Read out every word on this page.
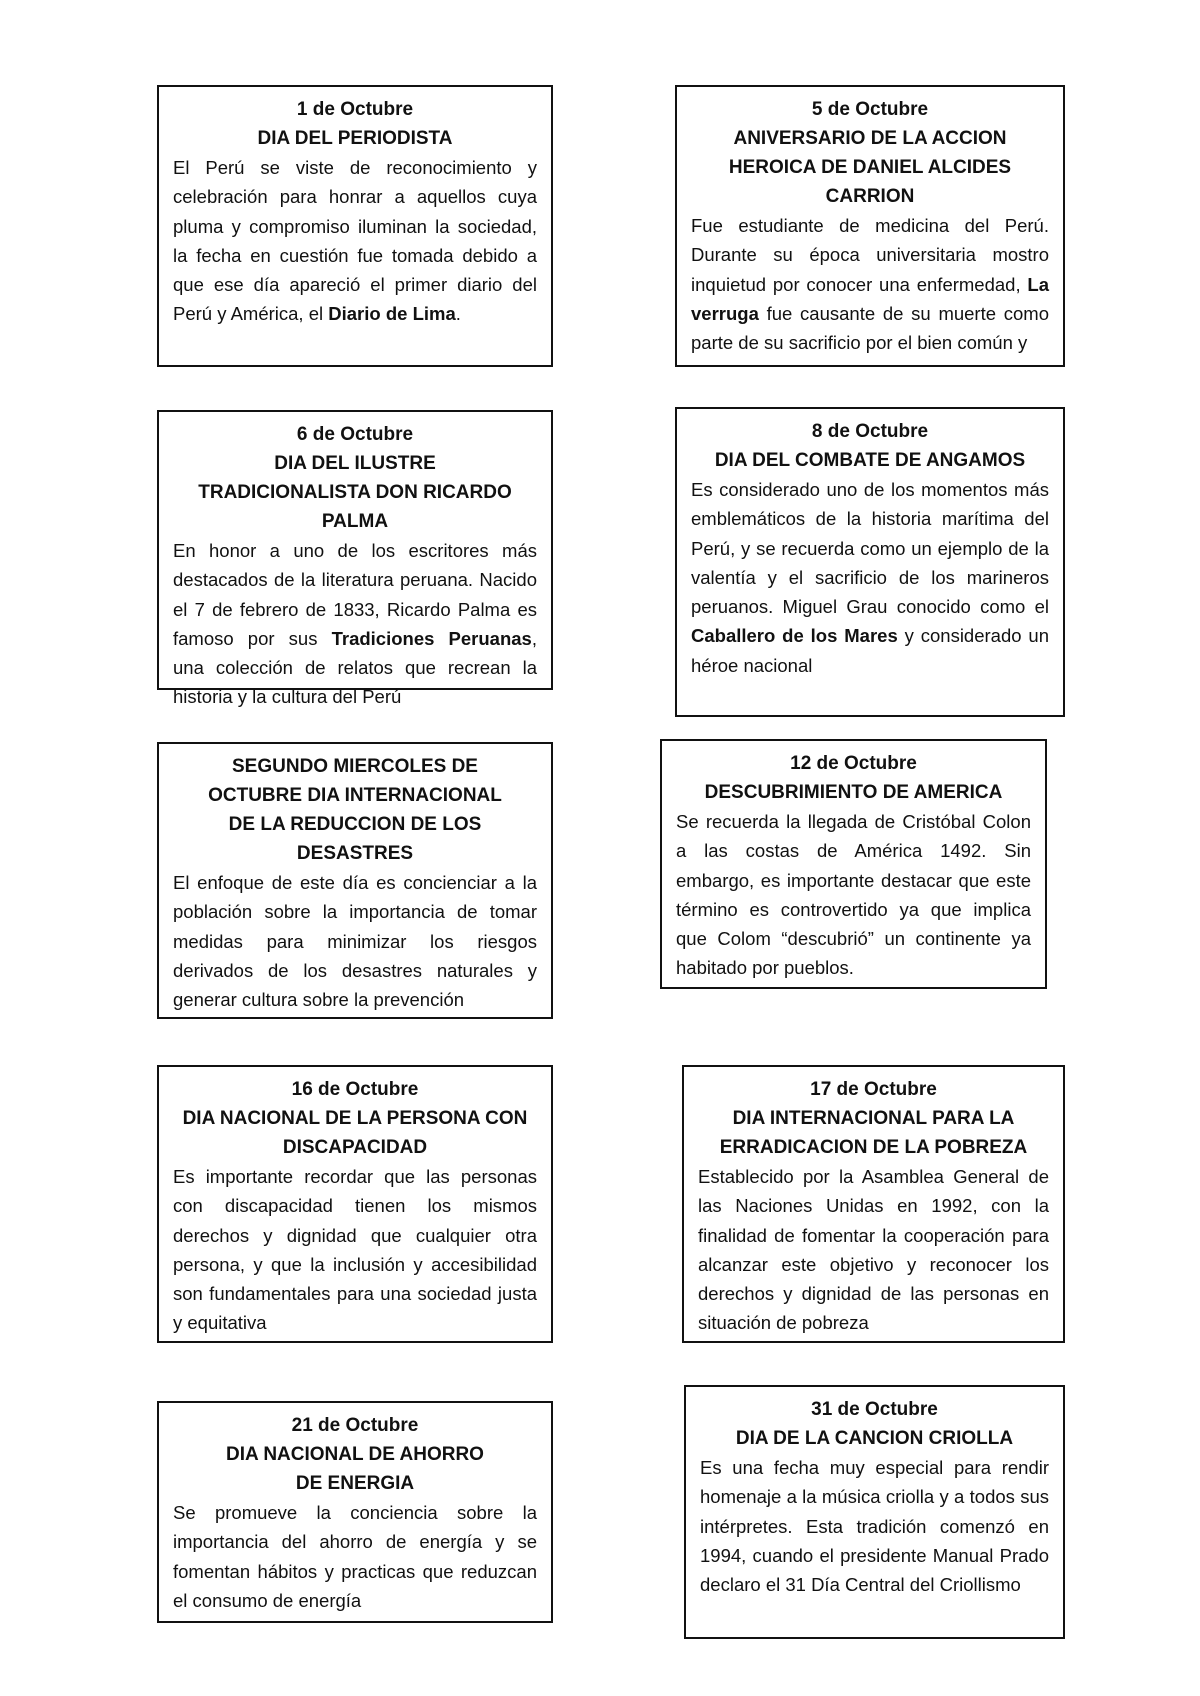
1 de Octubre

DIA DEL PERIODISTA

El Perú se viste de reconocimiento y celebración para honrar a aquellos cuya pluma y compromiso iluminan la sociedad, la fecha en cuestión fue tomada debido a que ese día apareció el primer diario del Perú y América, el Diario de Lima.

5 de Octubre

ANIVERSARIO DE LA ACCION HEROICA DE DANIEL ALCIDES CARRION

Fue estudiante de medicina del Perú. Durante su época universitaria mostro inquietud por conocer una enfermedad, La verruga fue causante de su muerte como parte de su sacrificio por el bien común y

6 de Octubre

DIA DEL ILUSTRE TRADICIONALISTA DON RICARDO PALMA

En honor a uno de los escritores más destacados de la literatura peruana. Nacido el 7 de febrero de 1833, Ricardo Palma es famoso por sus Tradiciones Peruanas, una colección de relatos que recrean la historia y la cultura del Perú

8 de Octubre

DIA DEL COMBATE DE ANGAMOS

Es considerado uno de los momentos más emblemáticos de la historia marítima del Perú, y se recuerda como un ejemplo de la valentía y el sacrificio de los marineros peruanos. Miguel Grau conocido como el Caballero de los Mares y considerado un héroe nacional

SEGUNDO MIERCOLES DE OCTUBRE DIA INTERNACIONAL DE LA REDUCCION DE LOS DESASTRES

El enfoque de este día es concienciar a la población sobre la importancia de tomar medidas para minimizar los riesgos derivados de los desastres naturales y generar cultura sobre la prevención

12 de Octubre

DESCUBRIMIENTO DE AMERICA

Se recuerda la llegada de Cristóbal Colon a las costas de América 1492. Sin embargo, es importante destacar que este término es controvertido ya que implica que Colom “descubrió” un continente ya habitado por pueblos.

16 de Octubre

DIA NACIONAL DE LA PERSONA CON DISCAPACIDAD

Es importante recordar que las personas con discapacidad tienen los mismos derechos y dignidad que cualquier otra persona, y que la inclusión y accesibilidad son fundamentales para una sociedad justa y equitativa

17 de Octubre

DIA INTERNACIONAL PARA LA ERRADICACION DE LA POBREZA

Establecido por la Asamblea General de las Naciones Unidas en 1992, con la finalidad de fomentar la cooperación para alcanzar este objetivo y reconocer los derechos y dignidad de las personas en situación de pobreza

21 de Octubre

DIA NACIONAL DE AHORRO DE ENERGIA

Se promueve la conciencia sobre la importancia del ahorro de energía y se fomentan hábitos y practicas que reduzcan el consumo de energía

31 de Octubre

DIA DE LA CANCION CRIOLLA

Es una fecha muy especial para rendir homenaje a la música criolla y a todos sus intérpretes. Esta tradición comenzó en 1994, cuando el presidente Manual Prado declaro el 31 Día Central del Criollismo
